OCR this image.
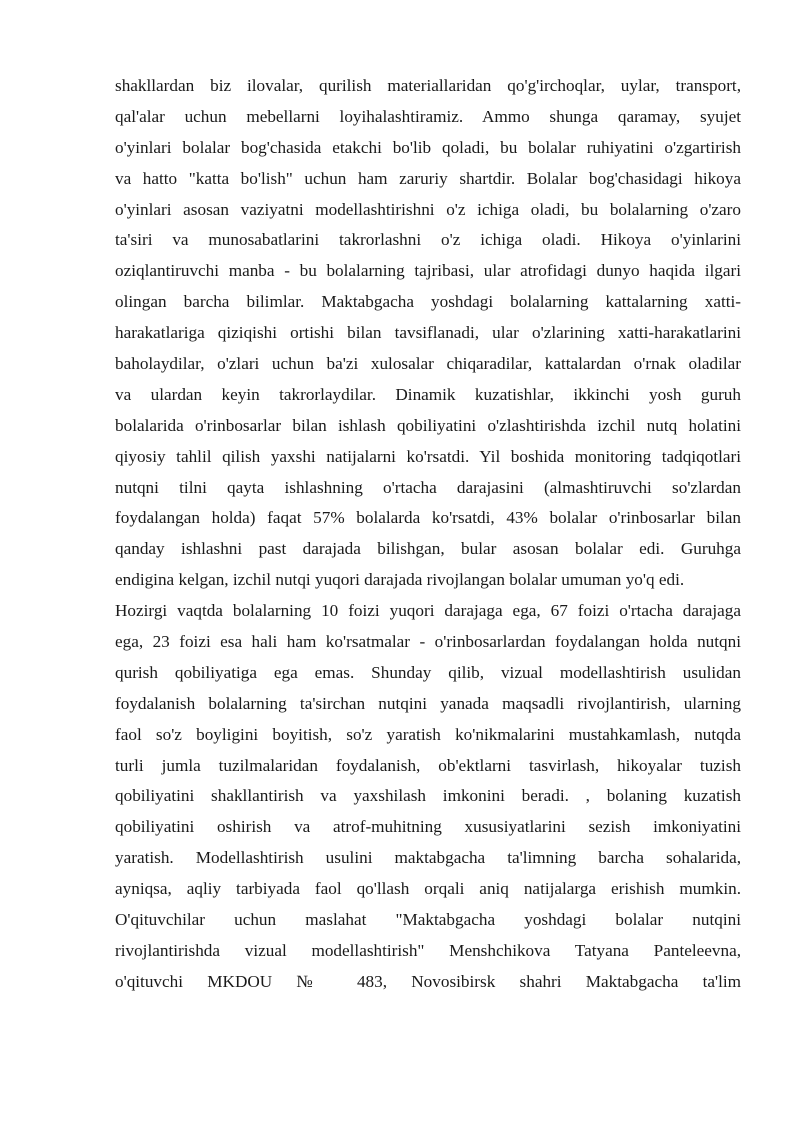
shakllardan biz ilovalar, qurilish materiallaridan qo'g'irchoqlar, uylar, transport,
qal'alar uchun mebellarni loyihalashtiramiz. Ammo shunga qaramay, syujet
o'yinlari bolalar bog'chasida etakchi bo'lib qoladi, bu bolalar ruhiyatini o'zgartirish
va hatto "katta bo'lish" uchun ham zaruriy shartdir. Bolalar bog'chasidagi hikoya
o'yinlari asosan vaziyatni modellashtirishni o'z ichiga oladi, bu bolalarning o'zaro
ta'siri va munosabatlarini takrorlashni o'z ichiga oladi. Hikoya o'yinlarini
oziqlantiruvchi manba - bu bolalarning tajribasi, ular atrofidagi dunyo haqida ilgari
olingan barcha bilimlar. Maktabgacha yoshdagi bolalarning kattalarning xatti-
harakatlariga qiziqishi ortishi bilan tavsiflanadi, ular o'zlarining xatti-harakatlarini
baholaydilar, o'zlari uchun ba'zi xulosalar chiqaradilar, kattalardan o'rnak oladilar
va ulardan keyin takrorlaydilar. Dinamik kuzatishlar, ikkinchi yosh guruh
bolalarida o'rinbosarlar bilan ishlash qobiliyatini o'zlashtirishda izchil nutq holatini
qiyosiy tahlil qilish yaxshi natijalarni ko'rsatdi. Yil boshida monitoring tadqiqotlari
nutqni tilni qayta ishlashning o'rtacha darajasini (almashtiruvchi so'zlardan
foydalangan holda) faqat 57% bolalarda ko'rsatdi, 43% bolalar o'rinbosarlar bilan
qanday ishlashni past darajada bilishgan, bular asosan bolalar edi. Guruhga
endigina kelgan, izchil nutqi yuqori darajada rivojlangan bolalar umuman yo'q edi.
Hozirgi vaqtda bolalarning 10 foizi yuqori darajaga ega, 67 foizi o'rtacha darajaga
ega, 23 foizi esa hali ham ko'rsatmalar - o'rinbosarlardan foydalangan holda nutqni
qurish qobiliyatiga ega emas. Shunday qilib, vizual modellashtirish usulidan
foydalanish bolalarning ta'sirchan nutqini yanada maqsadli rivojlantirish, ularning
faol so'z boyligini boyitish, so'z yaratish ko'nikmalarini mustahkamlash, nutqda
turli jumla tuzilmalaridan foydalanish, ob'ektlarni tasvirlash, hikoyalar tuzish
qobiliyatini shakllantirish va yaxshilash imkonini beradi. , bolaning kuzatish
qobiliyatini oshirish va atrof-muhitning xususiyatlarini sezish imkoniyatini
yaratish. Modellashtirish usulini maktabgacha ta'limning barcha sohalarida,
ayniqsa, aqliy tarbiyada faol qo'llash orqali aniq natijalarga erishish mumkin.
O'qituvchilar uchun maslahat "Maktabgacha yoshdagi bolalar nutqini
rivojlantirishda vizual modellashtirish" Menshchikova Tatyana Panteleevna,
o'qituvchi MKDOU № 483, Novosibirsk shahri Maktabgacha ta'lim
